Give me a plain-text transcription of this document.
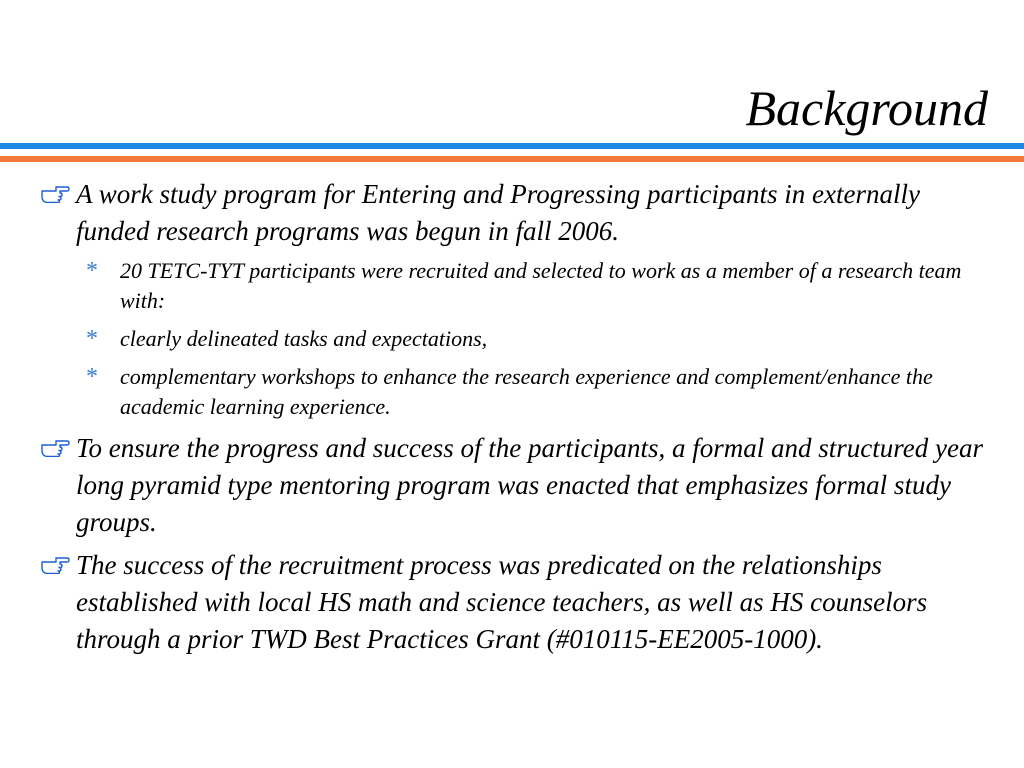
Background
A work study program for Entering and Progressing participants in externally funded research programs was begun in fall 2006.
* 20 TETC-TYT participants were recruited and selected to work as a member of a research team with:
* clearly delineated tasks and expectations,
* complementary workshops to enhance the research experience and complement/enhance the academic learning experience.
To ensure the progress and success of the participants, a formal and structured year long pyramid type mentoring program was enacted that emphasizes formal study groups.
The success of the recruitment process was predicated on the relationships established with local HS math and science teachers, as well as HS counselors through a prior TWD Best Practices Grant (#010115-EE2005-1000).
